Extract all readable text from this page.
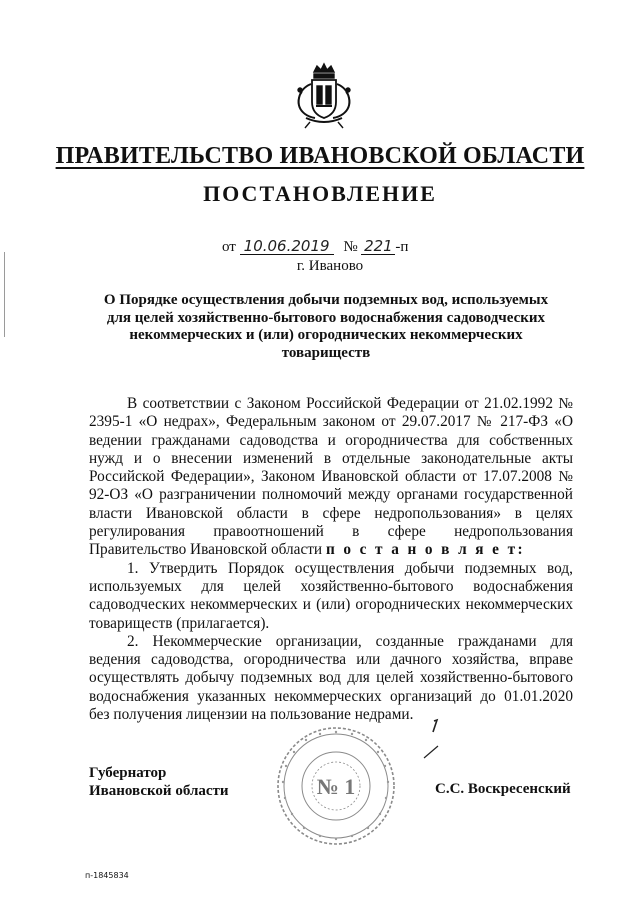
ПРАВИТЕЛЬСТВО ИВАНОВСКОЙ ОБЛАСТИ
ПОСТАНОВЛЕНИЕ
от 10.06.2019 № 221 -п
г. Иваново
О Порядке осуществления добычи подземных вод, используемых для целей хозяйственно-бытового водоснабжения садоводческих некоммерческих и (или) огороднических некоммерческих товариществ

В соответствии с Законом Российской Федерации от 21.02.1992 № 2395-1 «О недрах», Федеральным законом от 29.07.2017 № 217-ФЗ «О ведении гражданами садоводства и огородничества для собственных нужд и о внесении изменений в отдельные законодательные акты Российской Федерации», Законом Ивановской области от 17.07.2008 № 92-ОЗ «О разграничении полномочий между органами государственной власти Ивановской области в сфере недропользования» в целях регулирования правоотношений в сфере недропользования Правительство Ивановской области п о с т а н о в л я е т:

1. Утвердить Порядок осуществления добычи подземных вод, используемых для целей хозяйственно-бытового водоснабжения садоводческих некоммерческих и (или) огороднических некоммерческих товариществ (прилагается).

2. Некоммерческие организации, созданные гражданами для ведения садоводства, огородничества или дачного хозяйства, вправе осуществлять добычу подземных вод для целей хозяйственно-бытового водоснабжения указанных некоммерческих организаций до 01.01.2020 без получения лицензии на пользование недрами.

№ 1
Губернатор
Ивановской области	С.С. Воскресенский
п-1845834
